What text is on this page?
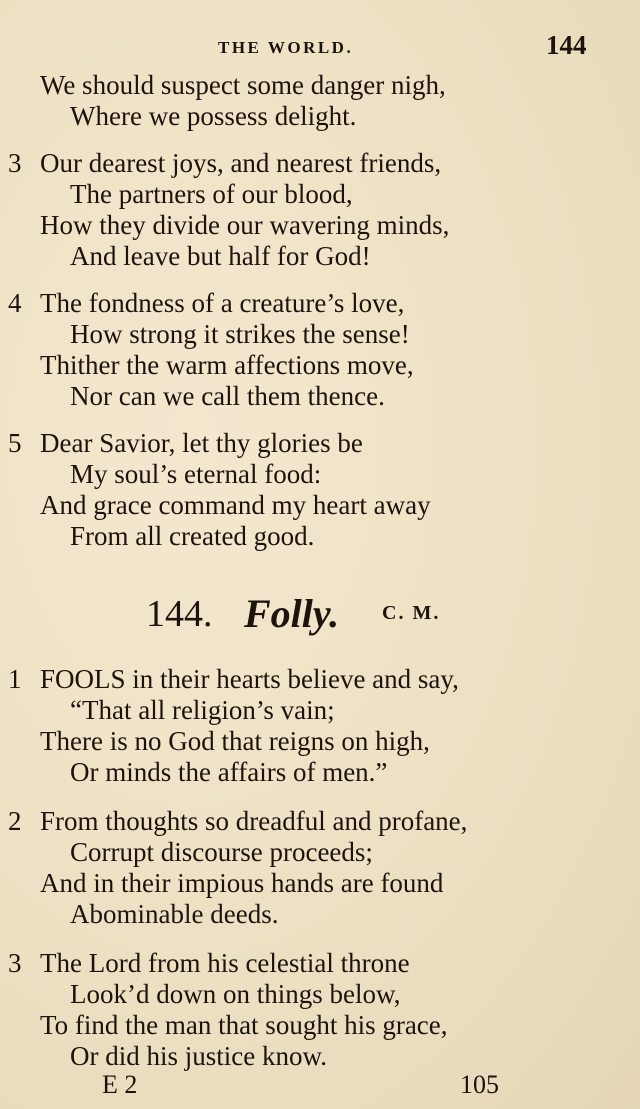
THE WORLD.	144
We should suspect some danger nigh,
Where we possess delight.
3 Our dearest joys, and nearest friends,
The partners of our blood,
How they divide our wavering minds,
And leave but half for God!
4 The fondness of a creature’s love,
How strong it strikes the sense!
Thither the warm affections move,
Nor can we call them thence.
5 Dear Savior, let thy glories be
My soul’s eternal food:
And grace command my heart away
From all created good.
144. Folly. C. M.
1 FOOLS in their hearts believe and say,
“That all religion’s vain;
There is no God that reigns on high,
Or minds the affairs of men.”
2 From thoughts so dreadful and profane,
Corrupt discourse proceeds;
And in their impious hands are found
Abominable deeds.
3 The Lord from his celestial throne
Look’d down on things below,
To find the man that sought his grace,
Or did his justice know.
E 2	105
